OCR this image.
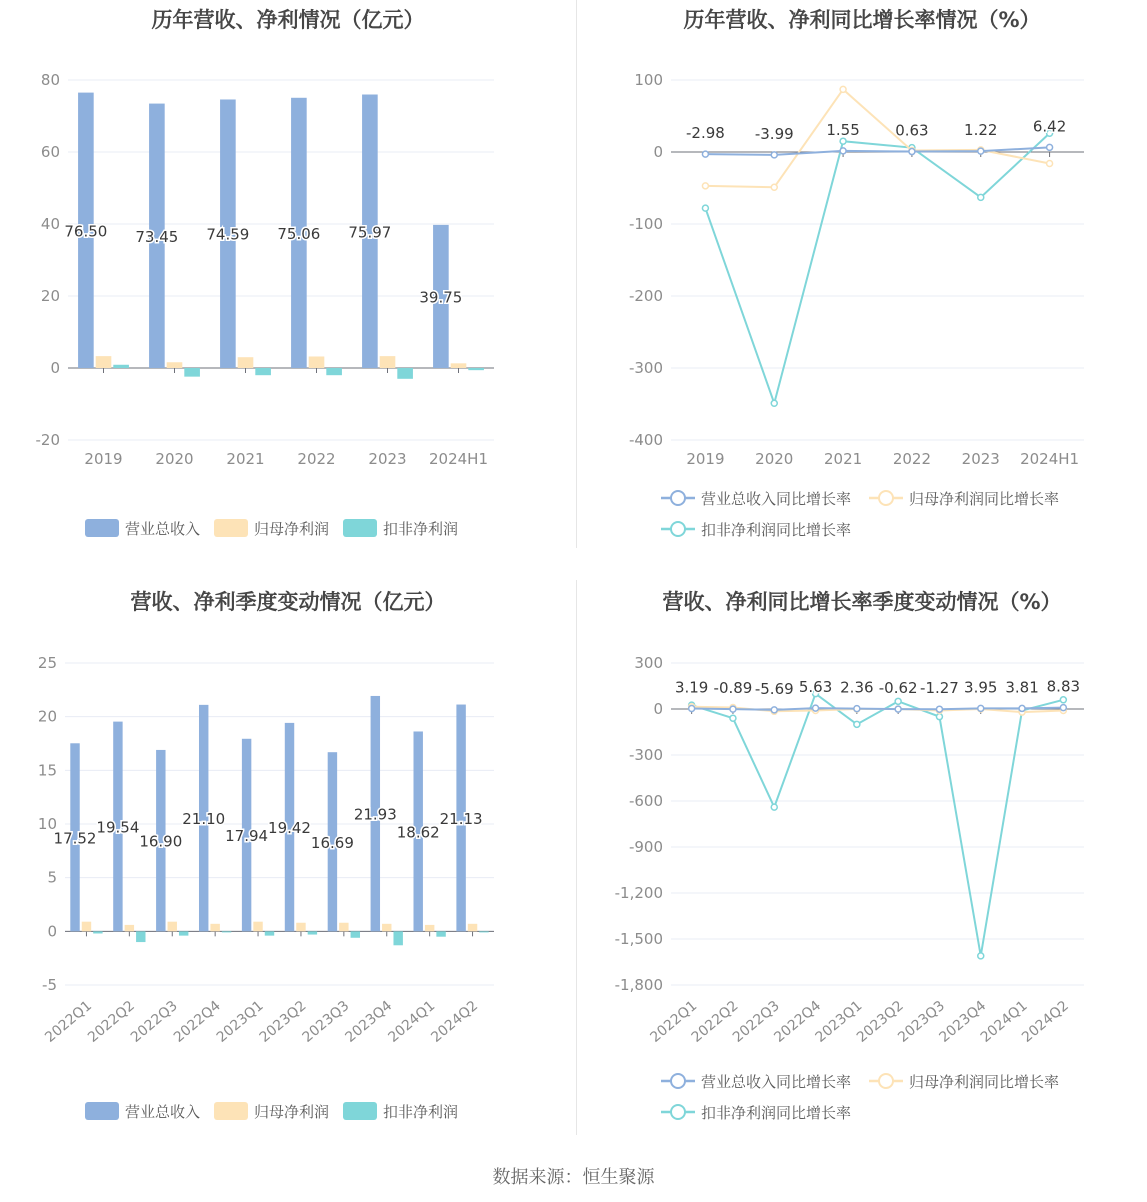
历年营收、净利情况（亿元）
-20
0
20
40
60
80
2019 2020 2021 2022 2023 2024H1
76.50 73.45 74.59 75.06 75.97
39.75
营业总收入	归母净利润	扣非净利润
历年营收、净利同比增长率情况（%）
-400
-300
-200
-100
0
100
2019 2020 2021 2022 2023 2024H1
-2.98 -3.99 1.55 0.63 1.22 6.42
营业总收入同比增长率	归母净利润同比增长率
扣非净利润同比增长率
营收、净利季度变动情况（亿元）
-5
0
5
10
15
20
25
2022Q1
2022Q2
2022Q3
2022Q4
2023Q1
2023Q2
2023Q3
2023Q4
2024Q1
2024Q2
17.52
19.54
16.90
21.10
17.94 19.42
16.69
21.93
18.62
21.13
营业总收入	归母净利润	扣非净利润
营收、净利同比增长率季度变动情况（%）
-1,800
-1,500
-1,200
-900
-600
-300
0
300
2022Q1
2022Q2
2022Q3
2022Q4
2023Q1
2023Q2
2023Q3
2023Q4
2024Q1
2024Q2
3.19 -0.89 -5.69 5.63 2.36 -0.62 -1.27 3.95 3.81 8.83
营业总收入同比增长率	归母净利润同比增长率
扣非净利润同比增长率
数据来源：恒生聚源
